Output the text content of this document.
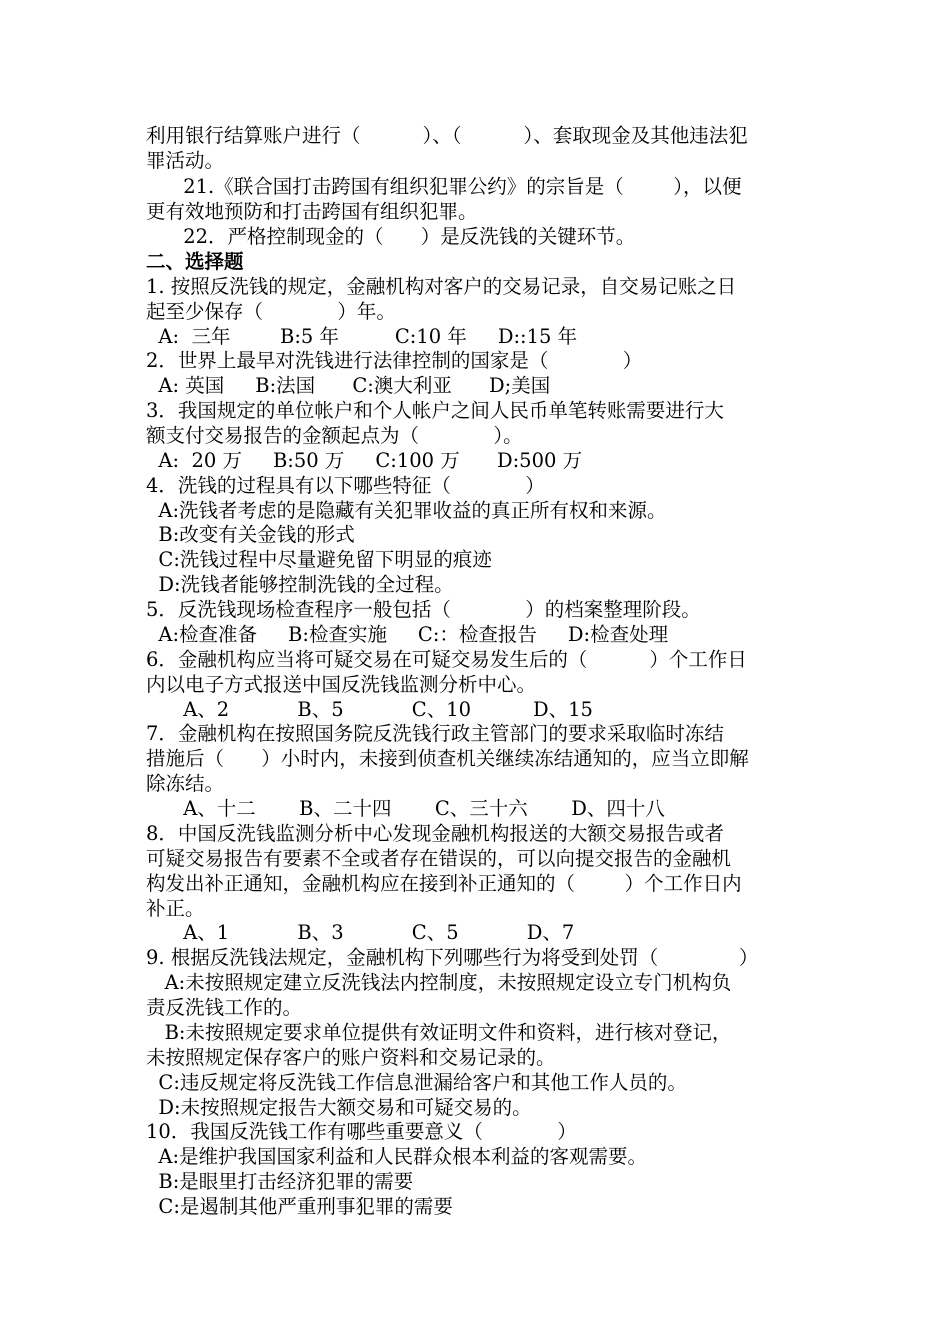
利用银行结算账户进行（          ）、（          ）、套取现金及其他违法犯
罪活动。
21.《联合国打击跨国有组织犯罪公约》的宗旨是（        ），以便
更有效地预防和打击跨国有组织犯罪。
22．严格控制现金的（      ）是反洗钱的关键环节。
二、选择题
1. 按照反洗钱的规定，金融机构对客户的交易记录，自交易记账之日
起至少保存（            ）年。
A:  三年        B:5 年         C:10 年     D::15 年
2．世界上最早对洗钱进行法律控制的国家是（            ）
A: 英国     B:法国      C:澳大利亚      D;美国
3．我国规定的单位帐户和个人帐户之间人民币单笔转账需要进行大
额支付交易报告的金额起点为（            ）。
A:  20 万     B:50 万     C:100 万      D:500 万
4．洗钱的过程具有以下哪些特征（            ）
A:洗钱者考虑的是隐藏有关犯罪收益的真正所有权和来源。
B:改变有关金钱的形式
C:洗钱过程中尽量避免留下明显的痕迹
D:洗钱者能够控制洗钱的全过程。
5．反洗钱现场检查程序一般包括（            ）的档案整理阶段。
A:检查准备     B:检查实施     C:：检查报告     D:检查处理
6．金融机构应当将可疑交易在可疑交易发生后的（          ）个工作日
内以电子方式报送中国反洗钱监测分析中心。
A、2           B、5           C、10          D、15
7．金融机构在按照国务院反洗钱行政主管部门的要求采取临时冻结
措施后（      ）小时内，未接到侦查机关继续冻结通知的，应当立即解
除冻结。
A、十二       B、二十四       C、三十六       D、四十八
8．中国反洗钱监测分析中心发现金融机构报送的大额交易报告或者
可疑交易报告有要素不全或者存在错误的，可以向提交报告的金融机
构发出补正通知，金融机构应在接到补正通知的（        ）个工作日内
补正。
A、1           B、3           C、5           D、7
9. 根据反洗钱法规定，金融机构下列哪些行为将受到处罚（             ）
A:未按照规定建立反洗钱法内控制度，未按照规定设立专门机构负
责反洗钱工作的。
B:未按照规定要求单位提供有效证明文件和资料，进行核对登记，
未按照规定保存客户的账户资料和交易记录的。
C:违反规定将反洗钱工作信息泄漏给客户和其他工作人员的。
D:未按照规定报告大额交易和可疑交易的。
10．我国反洗钱工作有哪些重要意义（            ）
A:是维护我国国家利益和人民群众根本利益的客观需要。
B:是眼里打击经济犯罪的需要
C:是遏制其他严重刑事犯罪的需要
